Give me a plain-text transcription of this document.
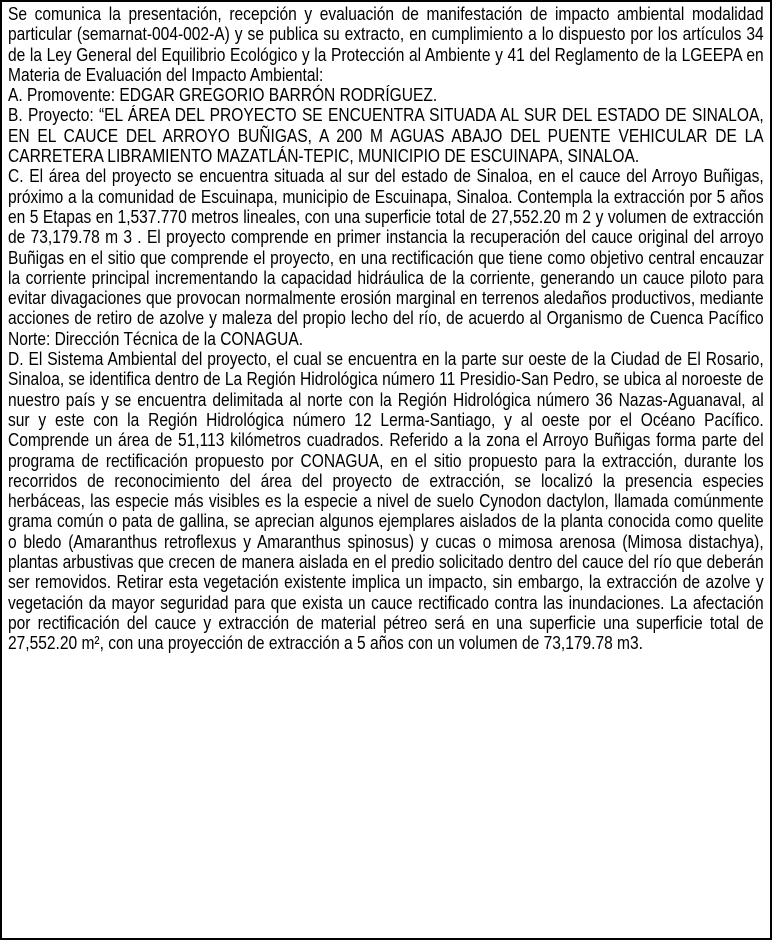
Se comunica la presentación, recepción y evaluación de manifestación de impacto ambiental modalidad particular (semarnat-004-002-A) y se publica su extracto, en cumplimiento a lo dispuesto por los artículos 34 de la Ley General del Equilibrio Ecológico y la Protección al Ambiente y 41 del Reglamento de la LGEEPA en Materia de Evaluación del Impacto Ambiental:

A. Promovente: EDGAR GREGORIO BARRÓN RODRÍGUEZ.

B. Proyecto: “EL ÁREA DEL PROYECTO SE ENCUENTRA SITUADA AL SUR DEL ESTADO DE SINALOA, EN EL CAUCE DEL ARROYO BUÑIGAS, A 200 M AGUAS ABAJO DEL PUENTE VEHICULAR DE LA CARRETERA LIBRAMIENTO MAZATLÁN-TEPIC, MUNICIPIO DE ESCUINAPA, SINALOA.

C. El área del proyecto se encuentra situada al sur del estado de Sinaloa, en el cauce del Arroyo Buñigas, próximo a la comunidad de Escuinapa, municipio de Escuinapa, Sinaloa. Contempla la extracción por 5 años en 5 Etapas en 1,537.770 metros lineales, con una superficie total de 27,552.20 m 2 y volumen de extracción de 73,179.78 m 3 . El proyecto comprende en primer instancia la recuperación del cauce original del arroyo Buñigas en el sitio que comprende el proyecto, en una rectificación que tiene como objetivo central encauzar la corriente principal incrementando la capacidad hidráulica de la corriente, generando un cauce piloto para evitar divagaciones que provocan normalmente erosión marginal en terrenos aledaños productivos, mediante acciones de retiro de azolve y maleza del propio lecho del río, de acuerdo al Organismo de Cuenca Pacífico Norte: Dirección Técnica de la CONAGUA.

D. El Sistema Ambiental del proyecto, el cual se encuentra en la parte sur oeste de la Ciudad de El Rosario, Sinaloa, se identifica dentro de La Región Hidrológica número 11 Presidio-San Pedro, se ubica al noroeste de nuestro país y se encuentra delimitada al norte con la Región Hidrológica número 36 Nazas-Aguanaval, al sur y este con la Región Hidrológica número 12 Lerma-Santiago, y al oeste por el Océano Pacífico. Comprende un área de 51,113 kilómetros cuadrados. Referido a la zona el Arroyo Buñigas forma parte del programa de rectificación propuesto por CONAGUA, en el sitio propuesto para la extracción, durante los recorridos de reconocimiento del área del proyecto de extracción, se localizó la presencia especies herbáceas, las especie más visibles es la especie a nivel de suelo Cynodon dactylon, llamada comúnmente grama común o pata de gallina, se aprecian algunos ejemplares aislados de la planta conocida como quelite o bledo (Amaranthus retroflexus y Amaranthus spinosus) y cucas o mimosa arenosa (Mimosa distachya), plantas arbustivas que crecen de manera aislada en el predio solicitado dentro del cauce del río que deberán ser removidos. Retirar esta vegetación existente implica un impacto, sin embargo, la extracción de azolve y vegetación da mayor seguridad para que exista un cauce rectificado contra las inundaciones. La afectación por rectificación del cauce y extracción de material pétreo será en una superficie una superficie total de 27,552.20 m², con una proyección de extracción a 5 años con un volumen de 73,179.78 m3.
